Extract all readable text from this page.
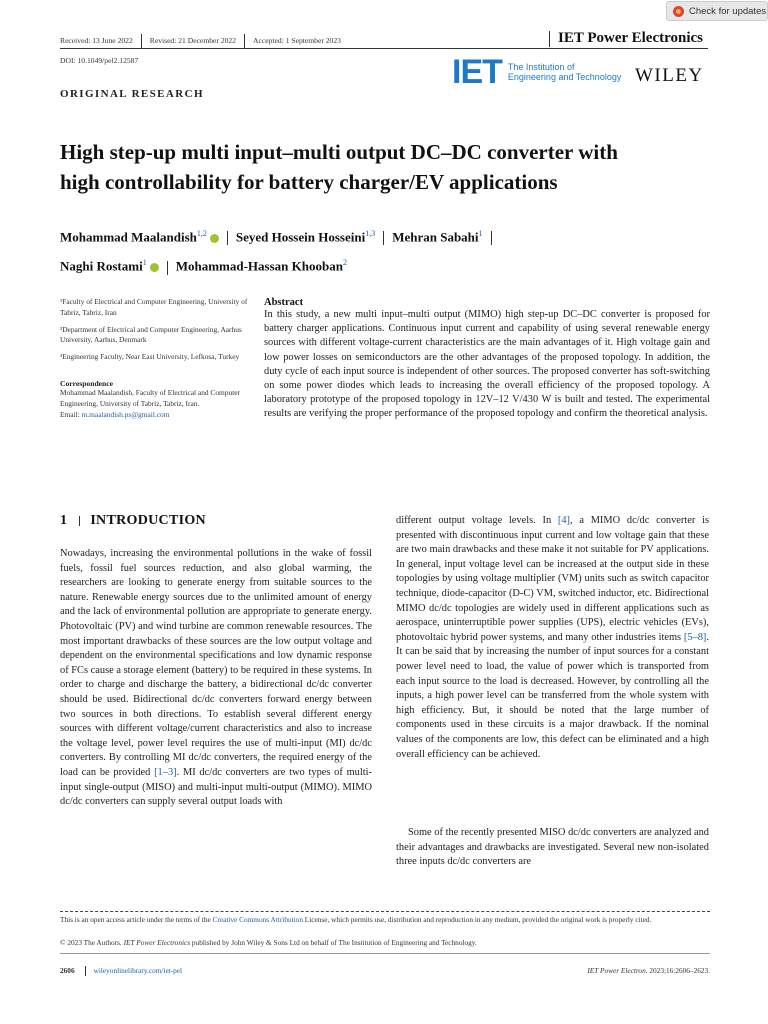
Check for updates
Received: 13 June 2022 Revised: 21 December 2022 Accepted: 1 September 2023	IET Power Electronics
DOI: 10.1049/pel2.12587	IET The Institution of
Engineering and Technology WILEY
ORIGINAL RESEARCH
High step-up multi input–multi output DC–DC converter with
high controllability for battery charger/EV applications
Mohammad Maalandish$^{1,2}$ iD Seyed Hossein Hosseini$^{1,3}$ Mehran Sabahi$^1$
Naghi Rostami$^1$ iD Mohammad-Hassan Khooban$^2$
¹Faculty of Electrical and Computer Engineering, University of Tabriz, Tabriz, Iran
²Department of Electrical and Computer Engineering, Aarhus University, Aarhus, Denmark
³Engineering Faculty, Near East University, Lefkosa, Turkey
Correspondence
Mohammad Maalandish, Faculty of Electrical and Computer Engineering, University of Tabriz, Tabriz, Iran.
Email: m.maalandish.ps@gmail.com
Abstract
In this study, a new multi input–multi output (MIMO) high step-up DC–DC converter is proposed for battery charger applications. Continuous input current and capability of using several renewable energy sources with different voltage-current characteristics are the main advantages of it. High voltage gain and low power losses on semiconductors are the other advantages of the proposed topology. In addition, the duty cycle of each input source is independent of other sources. The proposed converter has soft-switching on some power diodes which leads to increasing the overall efficiency of the proposed topology. A laboratory prototype of the proposed topology in 12V–12 V/430 W is built and tested. The experimental results are verifying the proper performance of the proposed topology and confirm the theoretical analysis.
1 INTRODUCTION
Nowadays, increasing the environmental pollutions in the wake of fossil fuels, fossil fuel sources reduction, and also global warming, the researchers are looking to generate energy from suitable sources to the nature. Renewable energy sources due to the unlimited amount of energy and the lack of environmental pollution are appropriate to generate energy. Photovoltaic (PV) and wind turbine are common renewable resources. The most important drawbacks of these sources are the low output voltage and dependent on the environmental specifications and low dynamic response of FCs cause a storage element (battery) to be required in these systems. In order to charge and discharge the battery, a bidirectional dc/dc converter should be used. Bidirectional dc/dc converters forward energy between two sources in both directions. To establish several different energy sources with different voltage/current characteristics and also to increase the voltage level, power level requires the use of multi-input (MI) dc/dc converters. By controlling MI dc/dc converters, the required energy of the load can be provided [1–3]. MI dc/dc converters are two types of multi-input single-output (MISO) and multi-input multi-output (MIMO). MIMO dc/dc converters can supply several output loads with
different output voltage levels. In [4], a MIMO dc/dc converter is presented with discontinuous input current and low voltage gain that these are two main drawbacks and these make it not suitable for PV applications. In general, input voltage level can be increased at the output side in these topologies by using voltage multiplier (VM) units such as switch capacitor technique, diode-capacitor (D-C) VM, switched inductor, etc. Bidirectional MIMO dc/dc topologies are widely used in different applications such as aerospace, uninterruptible power supplies (UPS), electric vehicles (EVs), photovoltaic hybrid power systems, and many other industries items [5–8]. It can be said that by increasing the number of input sources for a constant power level need to load, the value of power which is transported from each input source to the load is decreased. However, by controlling all the inputs, a high power level can be transferred from the whole system with high efficiency. But, it should be noted that the large number of components used in these circuits is a major drawback. If the nominal values of the components are low, this defect can be eliminated and a high overall efficiency can be achieved.
Some of the recently presented MISO dc/dc converters are analyzed and their advantages and drawbacks are investigated. Several new non-isolated three inputs dc/dc converters are
This is an open access article under the terms of the Creative Commons Attribution License, which permits use, distribution and reproduction in any medium, provided the original work is properly cited.
© 2023 The Authors. IET Power Electronics published by John Wiley & Sons Ltd on behalf of The Institution of Engineering and Technology.
2606	wileyonlinelibrary.com/iet-pel	IET Power Electron. 2023;16:2606–2623.
